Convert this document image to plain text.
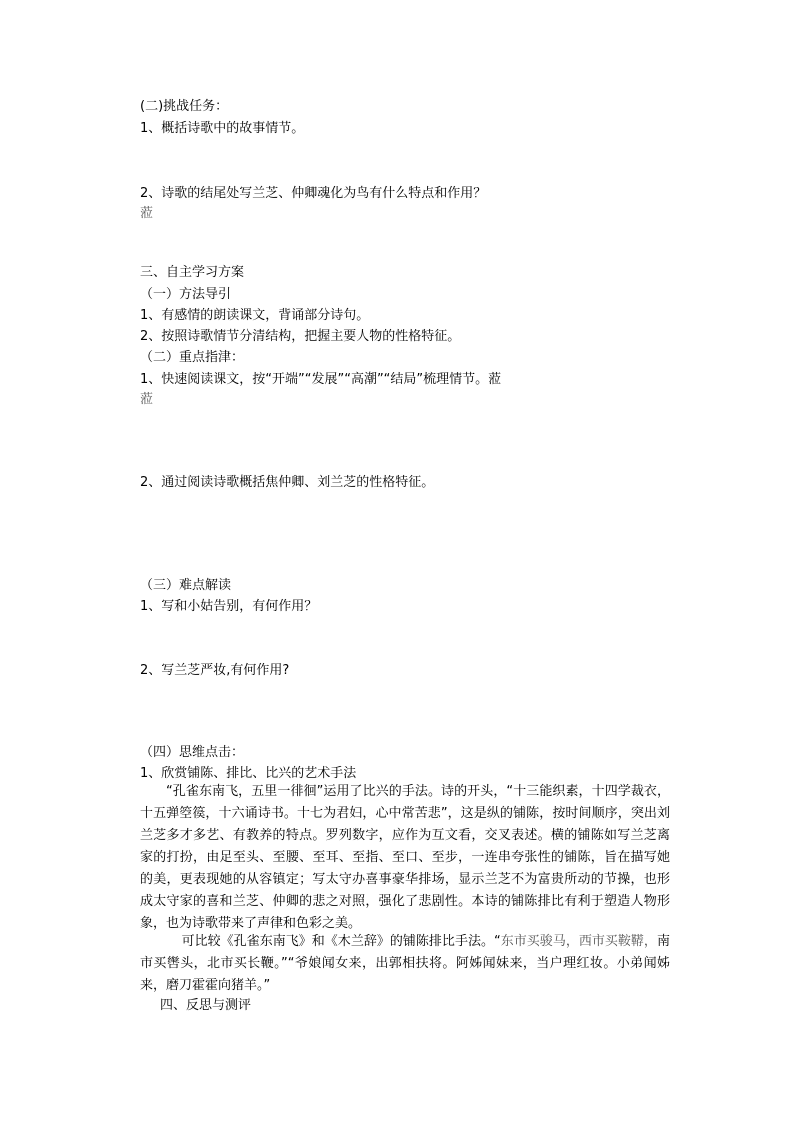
(二)挑战任务：
1、概括诗歌中的故事情节。
2、诗歌的结尾处写兰芝、仲卿魂化为鸟有什么特点和作用？
蒞
三、自主学习方案
（一）方法导引
1、有感情的朗读课文，背诵部分诗句。
2、按照诗歌情节分清结构，把握主要人物的性格特征。
（二）重点指津：
1、快速阅读课文，按“开端”“发展”“高潮”“结局”梳理情节。蒞
蒞
2、通过阅读诗歌概括焦仲卿、刘兰芝的性格特征。
（三）难点解读
1、写和小姑告别，有何作用？
2、写兰芝严妆,有何作用?
（四）思维点击：
1、欣赏铺陈、排比、比兴的艺术手法

“孔雀东南飞，五里一徘徊”运用了比兴的手法。诗的开头，“十三能织素，十四学裁衣，十五弹箜篌，十六诵诗书。十七为君妇，心中常苦悲”，这是纵的铺陈，按时间顺序，突出刘兰芝多才多艺、有教养的特点。罗列数字，应作为互文看，交叉表述。横的铺陈如写兰芝离家的打扮，由足至头、至腰、至耳、至指、至口、至步，一连串夸张性的铺陈，旨在描写她的美，更表现她的从容镇定；写太守办喜事豪华排场，显示兰芝不为富贵所动的节操，也形成太守家的喜和兰芝、仲卿的悲之对照，强化了悲剧性。本诗的铺陈排比有利于塑造人物形象，也为诗歌带来了声律和色彩之美。

可比较《孔雀东南飞》和《木兰辞》的铺陈排比手法。“东市买骏马，西市买鞍鞯，南市买辔头，北市买长鞭。”“爷娘闻女来，出郭相扶将。阿姊闻妹来，当户理红妆。小弟闻姊来，磨刀霍霍向猪羊。”

四、反思与测评
